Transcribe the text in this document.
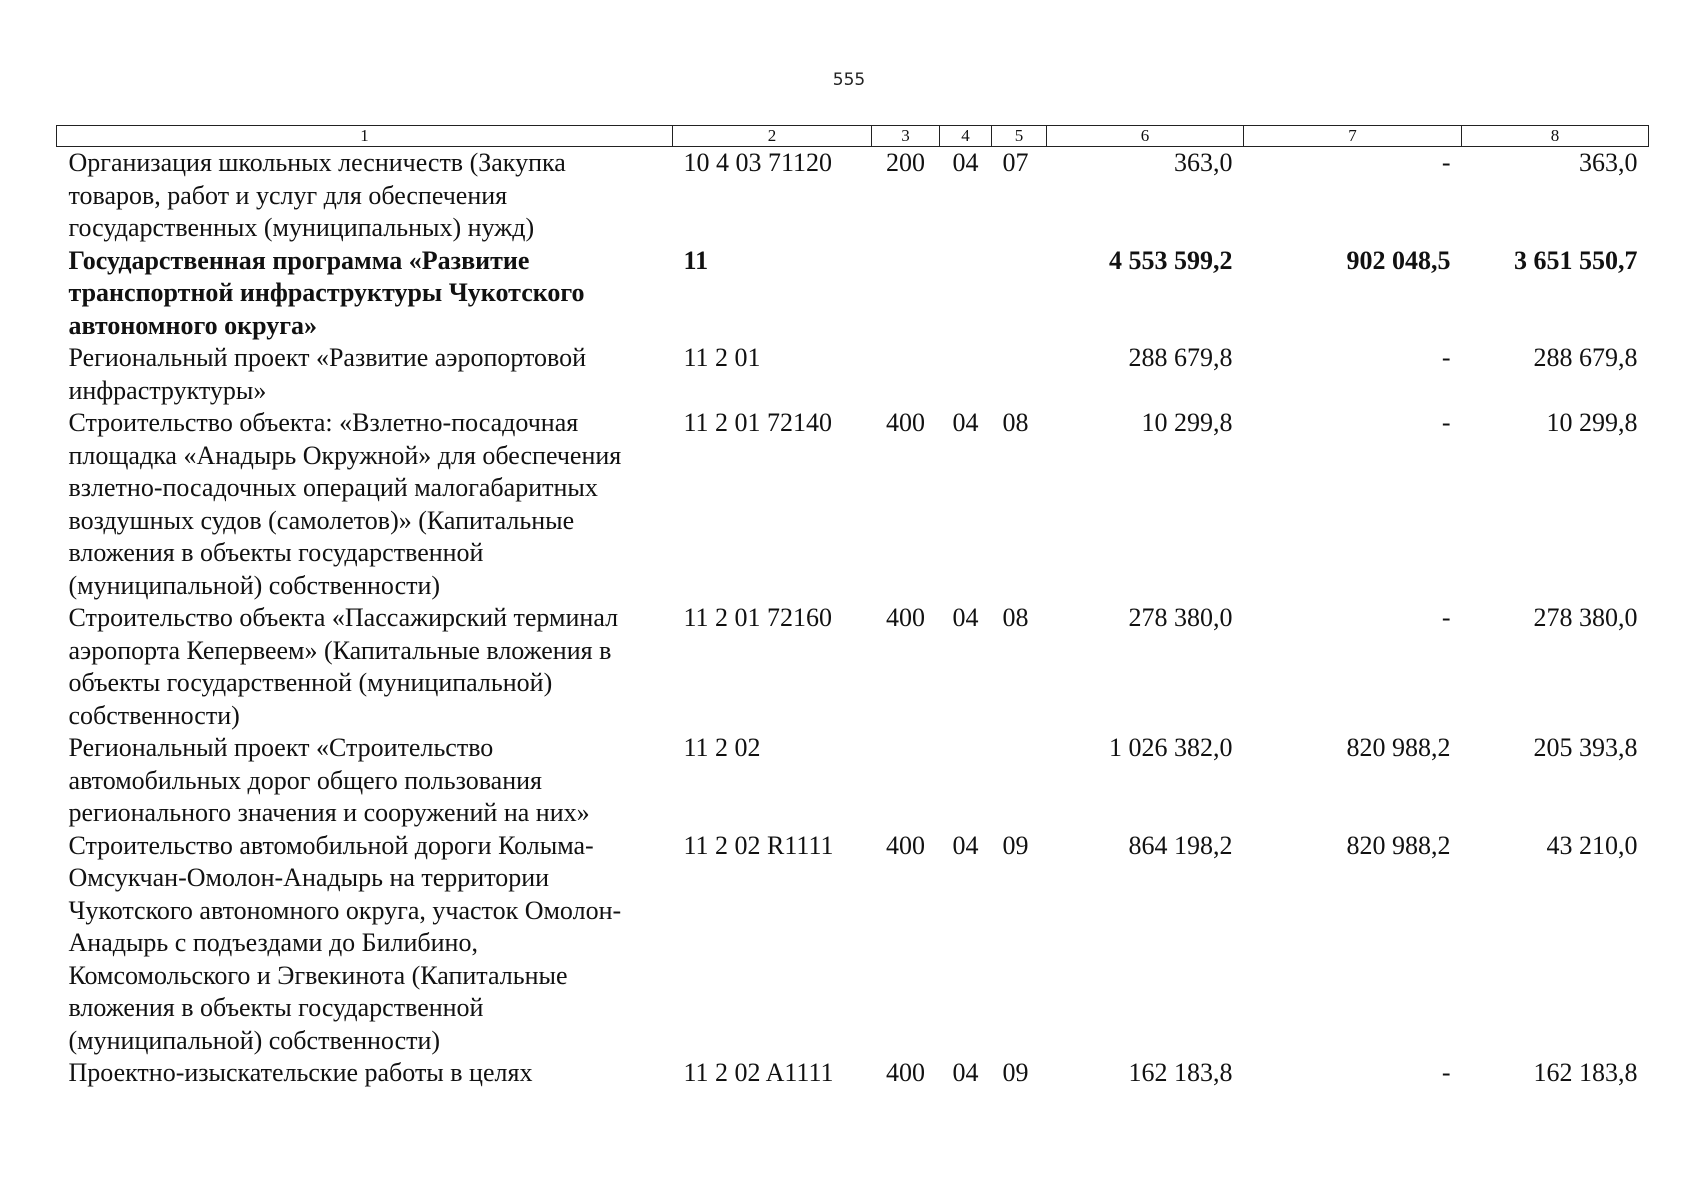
555
1	2	3	4	5	6	7	8
Организация школьных лесничеств (Закупка товаров, работ и услуг для обеспечения государственных (муниципальных) нужд)	10 4 03 71120	200	04	07	363,0	-	363,0
Государственная программа «Развитие транспортной инфраструктуры Чукотского автономного округа»	11				4 553 599,2	902 048,5	3 651 550,7
Региональный проект «Развитие аэропортовой инфраструктуры»	11 2 01				288 679,8	-	288 679,8
Строительство объекта: «Взлетно-посадочная площадка «Анадырь Окружной» для обеспечения взлетно-посадочных операций малогабаритных воздушных судов (самолетов)» (Капитальные вложения в объекты государственной (муниципальной) собственности)	11 2 01 72140	400	04	08	10 299,8	-	10 299,8
Строительство объекта «Пассажирский терминал аэропорта Кепервеем» (Капитальные вложения в объекты государственной (муниципальной) собственности)	11 2 01 72160	400	04	08	278 380,0	-	278 380,0
Региональный проект «Строительство автомобильных дорог общего пользования регионального значения и сооружений на них»	11 2 02				1 026 382,0	820 988,2	205 393,8
Строительство автомобильной дороги Колыма-Омсукчан-Омолон-Анадырь на территории Чукотского автономного округа, участок Омолон-Анадырь с подъездами до Билибино, Комсомольского и Эгвекинота (Капитальные вложения в объекты государственной (муниципальной) собственности)	11 2 02 R1111	400	04	09	864 198,2	820 988,2	43 210,0
Проектно-изыскательские работы в целях	11 2 02 A1111	400	04	09	162 183,8	-	162 183,8
